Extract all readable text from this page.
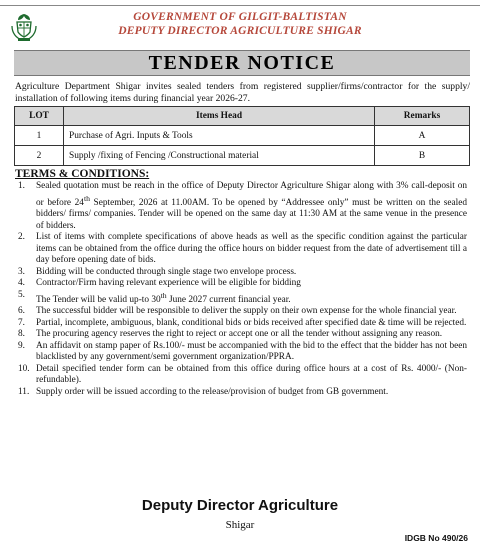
GOVERNMENT OF GILGIT-BALTISTAN
DEPUTY DIRECTOR AGRICULTURE SHIGAR
TENDER NOTICE
Agriculture Department Shigar invites sealed tenders from registered supplier/firms/contractor for the supply/ installation of following items during financial year 2026-27.
LOT	Items Head	Remarks
1	Purchase of Agri. Inputs & Tools	A
2	Supply /fixing of Fencing /Constructional material	B
TERMS & CONDITIONS:
1. Sealed quotation must be reach in the office of Deputy Director Agriculture Shigar along with 3% call-deposit on or before 24th September, 2026 at 11.00AM. To be opened by “Addressee only” must be written on the sealed bidders/ firms/ companies. Tender will be opened on the same day at 11:30 AM at the same venue in the presence of bidders.
2. List of items with complete specifications of above heads as well as the specific condition against the particular items can be obtained from the office during the office hours on bidder request from the date of advertisement till a day before opening date of bids.
3. Bidding will be conducted through single stage two envelope process.
4. Contractor/Firm having relevant experience will be eligible for bidding
5.
The Tender will be valid up-to 30th June 2027 current financial year.
6. The successful bidder will be responsible to deliver the supply on their own expense for the whole financial year.
7. Partial, incomplete, ambiguous, blank, conditional bids or bids received after specified date & time will be rejected.
8. The procuring agency reserves the right to reject or accept one or all the tender without assigning any reason.
9. An affidavit on stamp paper of Rs.100/- must be accompanied with the bid to the effect that the bidder has not been blacklisted by any government/semi government organization/PPRA.
10. Detail specified tender form can be obtained from this office during office hours at a cost of Rs. 4000/- (Non-refundable).
11. Supply order will be issued according to the release/provision of budget from GB government.
Deputy Director Agriculture
Shigar
IDGB No 490/26
